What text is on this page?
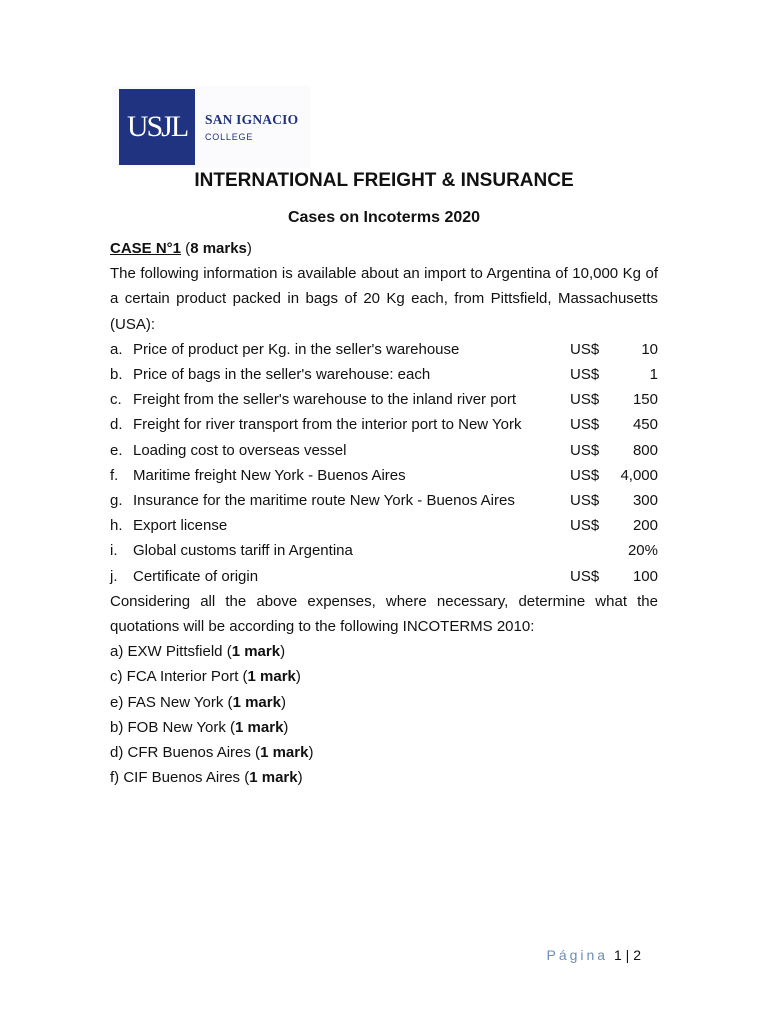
USJL SAN IGNACIO
COLLEGE
INTERNATIONAL FREIGHT & INSURANCE
Cases on Incoterms 2020
CASE N°1 (8 marks)
The following information is available about an import to Argentina of 10,000 Kg of a certain product packed in bags of 20 Kg each, from Pittsfield, Massachusetts (USA):
a. Price of product per Kg. in the seller's warehouse	US$	10
b. Price of bags in the seller's warehouse: each	US$	1
c. Freight from the seller's warehouse to the inland river port	US$	150
d. Freight for river transport from the interior port to New York	US$	450
e. Loading cost to overseas vessel	US$	800
f. Maritime freight New York - Buenos Aires	US$	4,000
g. Insurance for the maritime route New York - Buenos Aires	US$	300
h. Export license	US$	200
i.	Global customs tariff in Argentina	20%
j.	Certificate of origin	US$	100
Considering all the above expenses, where necessary, determine what the quotations will be according to the following INCOTERMS 2010:
a) EXW Pittsfield (1 mark)
c) FCA Interior Port (1 mark)
e) FAS New York (1 mark)
b) FOB New York (1 mark)
d) CFR Buenos Aires (1 mark)
f) CIF Buenos Aires (1 mark)
Página 1 | 2
